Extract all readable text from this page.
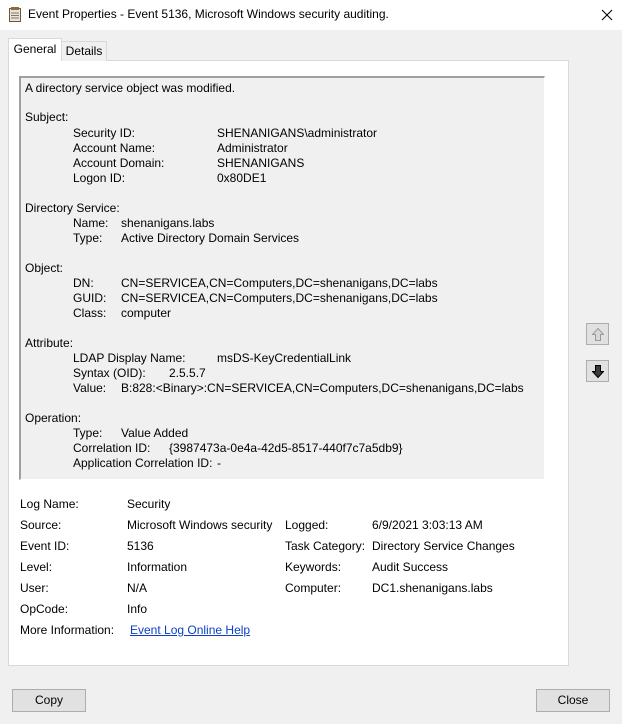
Event Properties - Event 5136, Microsoft Windows security auditing.
General Details
A directory service object was modified.
Subject:
Security ID:	SHENANIGANS\administrator
Account Name:	Administrator
Account Domain:	SHENANIGANS
Logon ID:	0x80DE1
Directory Service:
Name: shenanigans.labs
Type: Active Directory Domain Services
Object:
DN: CN=SERVICEA,CN=Computers,DC=shenanigans,DC=labs
GUID: CN=SERVICEA,CN=Computers,DC=shenanigans,DC=labs
Class: computer
Attribute:
LDAP Display Name:	msDS-KeyCredentialLink
Syntax (OID): 2.5.5.7
Value: B:828:<Binary>:CN=SERVICEA,CN=Computers,DC=shenanigans,DC=labs
Operation:
Type: Value Added
Correlation ID: {3987473a-0e4a-42d5-8517-440f7c7a5db9}
Application Correlation ID: -
Log Name:	Security
Source:	Microsoft Windows security Logged:	6/9/2021 3:03:13 AM
Event ID:	5136	Task Category: Directory Service Changes
Level:	Information	Keywords:	Audit Success
User:	N/A	Computer:	DC1.shenanigans.labs
OpCode:	Info
More Information: Event Log Online Help
Copy	Close
